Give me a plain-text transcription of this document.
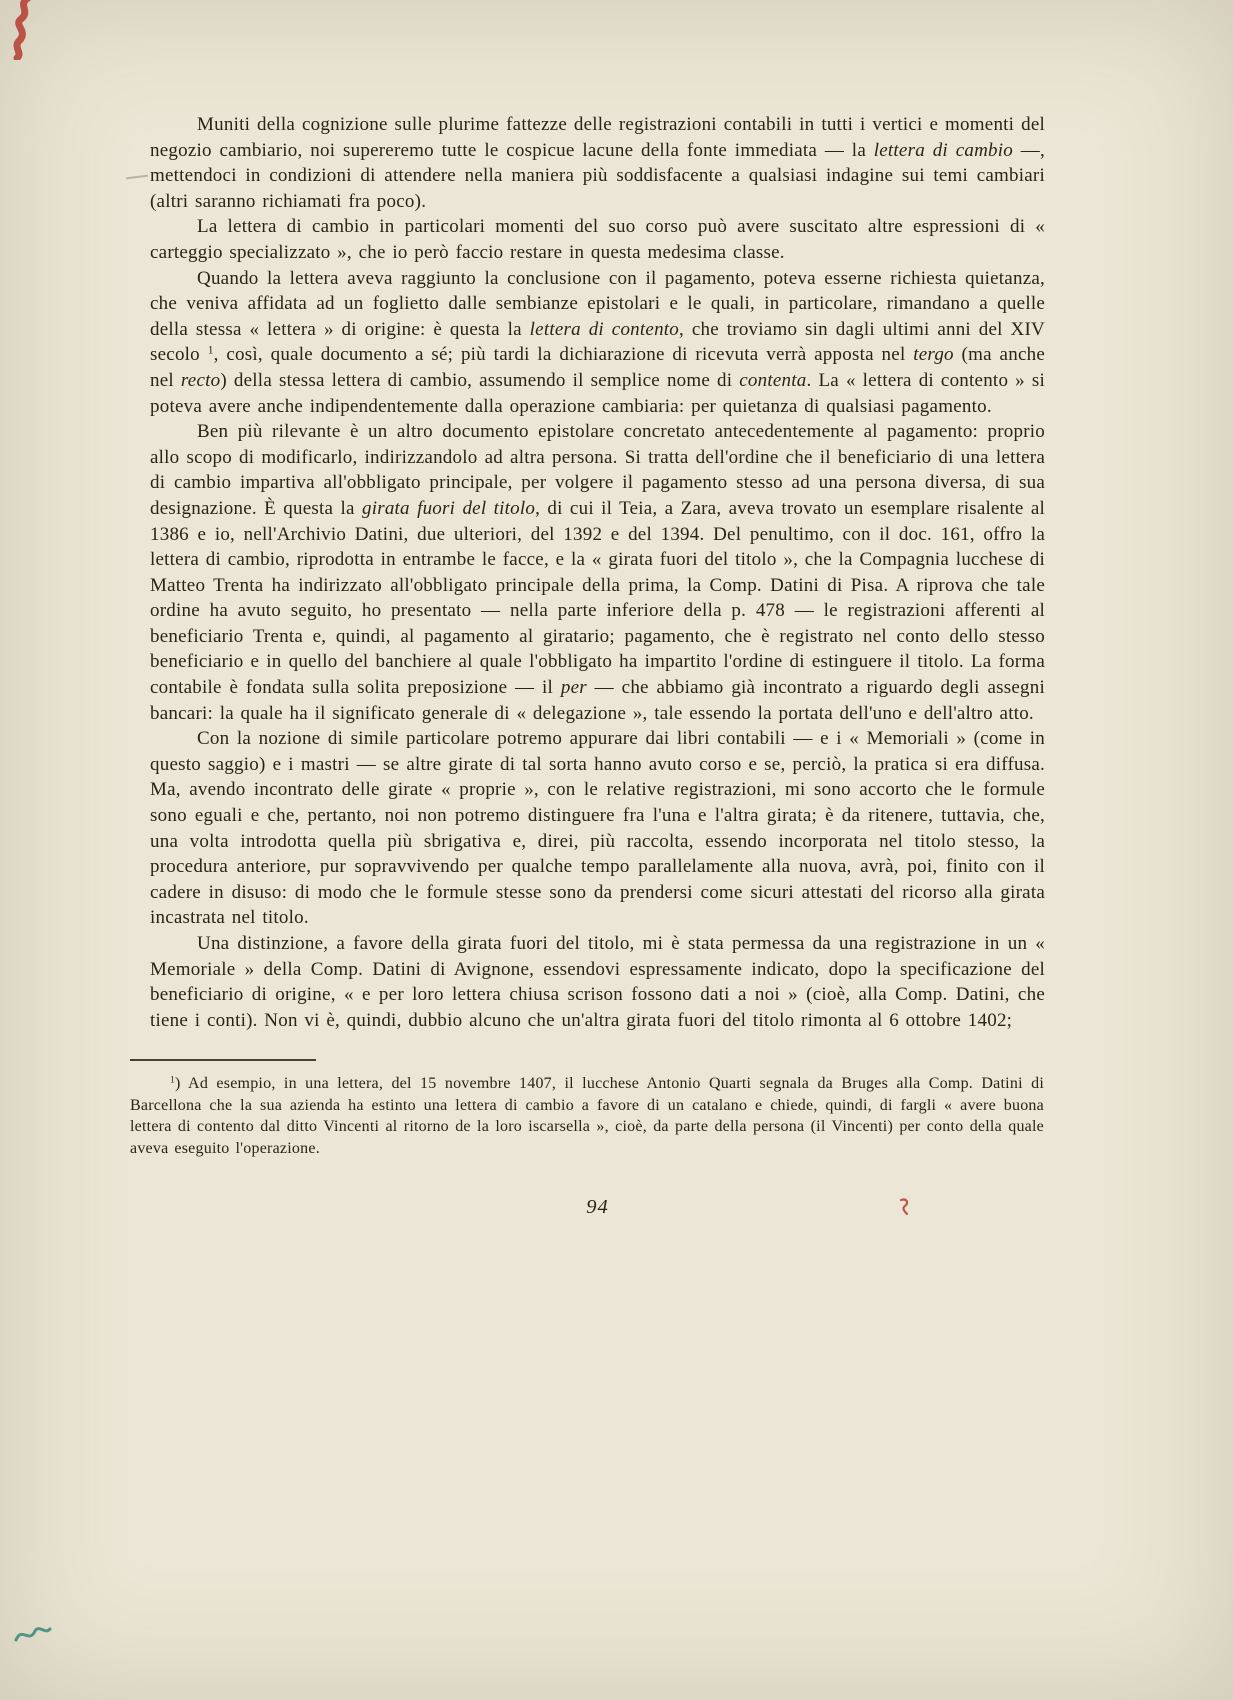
Muniti della cognizione sulle plurime fattezze delle registrazioni contabili in tutti i vertici e momenti del negozio cambiario, noi supereremo tutte le cospicue lacune della fonte immediata — la lettera di cambio —, mettendoci in condizioni di attendere nella maniera più soddisfacente a qualsiasi indagine sui temi cambiari (altri saranno richiamati fra poco).

La lettera di cambio in particolari momenti del suo corso può avere suscitato altre espressioni di « carteggio specializzato », che io però faccio restare in questa medesima classe.

Quando la lettera aveva raggiunto la conclusione con il pagamento, poteva esserne richiesta quietanza, che veniva affidata ad un foglietto dalle sembianze epistolari e le quali, in particolare, rimandano a quelle della stessa « lettera » di origine: è questa la lettera di contento, che troviamo sin dagli ultimi anni del XIV secolo $^1$, così, quale documento a sé; più tardi la dichiarazione di ricevuta verrà apposta nel tergo (ma anche nel recto) della stessa lettera di cambio, assumendo il semplice nome di contenta. La « lettera di contento » si poteva avere anche indipendentemente dalla operazione cambiaria: per quietanza di qualsiasi pagamento.

Ben più rilevante è un altro documento epistolare concretato antecedentemente al pagamento: proprio allo scopo di modificarlo, indirizzandolo ad altra persona. Si tratta dell'ordine che il beneficiario di una lettera di cambio impartiva all'obbligato principale, per volgere il pagamento stesso ad una persona diversa, di sua designazione. È questa la girata fuori del titolo, di cui il Teia, a Zara, aveva trovato un esemplare risalente al 1386 e io, nell'Archivio Datini, due ulteriori, del 1392 e del 1394. Del penultimo, con il doc. 161, offro la lettera di cambio, riprodotta in entrambe le facce, e la « girata fuori del titolo », che la Compagnia lucchese di Matteo Trenta ha indirizzato all'obbligato principale della prima, la Comp. Datini di Pisa. A riprova che tale ordine ha avuto seguito, ho presentato — nella parte inferiore della p. 478 — le registrazioni afferenti al beneficiario Trenta e, quindi, al pagamento al giratario; pagamento, che è registrato nel conto dello stesso beneficiario e in quello del banchiere al quale l'obbligato ha impartito l'ordine di estinguere il titolo. La forma contabile è fondata sulla solita preposizione — il per — che abbiamo già incontrato a riguardo degli assegni bancari: la quale ha il significato generale di « delegazione », tale essendo la portata dell'uno e dell'altro atto.

Con la nozione di simile particolare potremo appurare dai libri contabili — e i « Memoriali » (come in questo saggio) e i mastri — se altre girate di tal sorta hanno avuto corso e se, perciò, la pratica si era diffusa. Ma, avendo incontrato delle girate « proprie », con le relative registrazioni, mi sono accorto che le formule sono eguali e che, pertanto, noi non potremo distinguere fra l'una e l'altra girata; è da ritenere, tuttavia, che, una volta introdotta quella più sbrigativa e, direi, più raccolta, essendo incorporata nel titolo stesso, la procedura anteriore, pur sopravvivendo per qualche tempo parallelamente alla nuova, avrà, poi, finito con il cadere in disuso: di modo che le formule stesse sono da prendersi come sicuri attestati del ricorso alla girata incastrata nel titolo.

Una distinzione, a favore della girata fuori del titolo, mi è stata permessa da una registrazione in un « Memoriale » della Comp. Datini di Avignone, essendovi espressamente indicato, dopo la specificazione del beneficiario di origine, « e per loro lettera chiusa scrison fossono dati a noi » (cioè, alla Comp. Datini, che tiene i conti). Non vi è, quindi, dubbio alcuno che un'altra girata fuori del titolo rimonta al 6 ottobre 1402;

$^1$) Ad esempio, in una lettera, del 15 novembre 1407, il lucchese Antonio Quarti segnala da Bruges alla Comp. Datini di Barcellona che la sua azienda ha estinto una lettera di cambio a favore di un catalano e chiede, quindi, di fargli « avere buona lettera di contento dal ditto Vincenti al ritorno de la loro iscarsella », cioè, da parte della persona (il Vincenti) per conto della quale aveva eseguito l'operazione.

94
